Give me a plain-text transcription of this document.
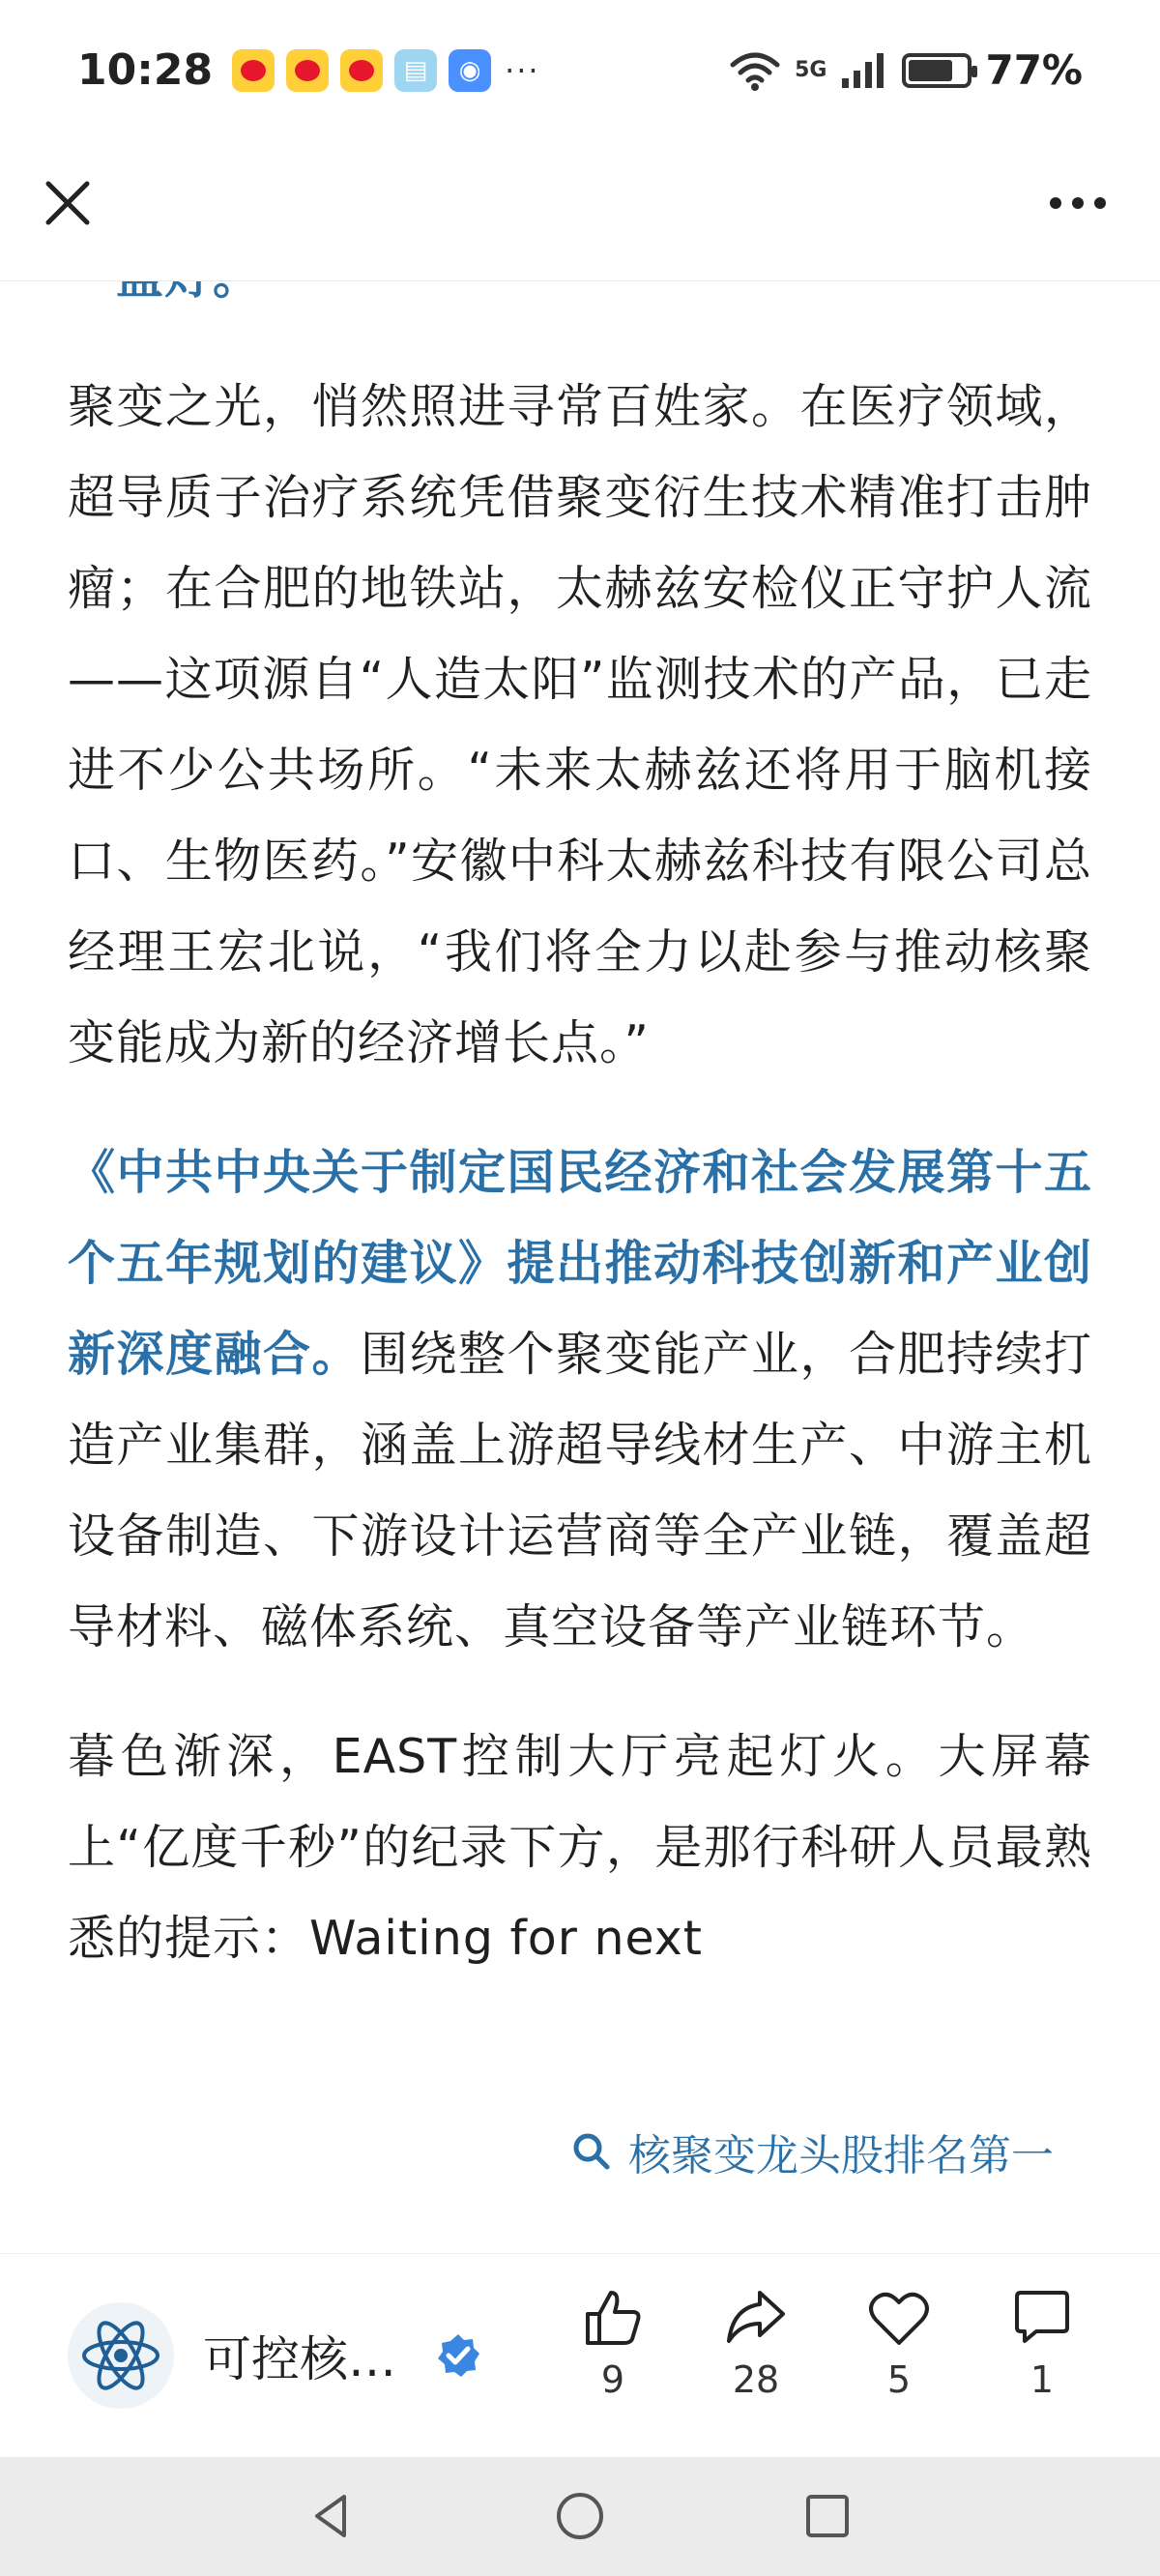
10:28	▤	◉ ···	5G	77%

聚变之光，悄然照进寻常百姓家。在医疗领域，超导质子治疗系统凭借聚变衍生技术精准打击肿瘤；在合肥的地铁站，太赫兹安检仪正守护人流——这项源自“人造太阳”监测技术的产品，已走进不少公共场所。“未来太赫兹还将用于脑机接口、生物医药。”安徽中科太赫兹科技有限公司总经理王宏北说，“我们将全力以赴参与推动核聚变能成为新的经济增长点。”

《中共中央关于制定国民经济和社会发展第十五个五年规划的建议》提出推动科技创新和产业创新深度融合。围绕整个聚变能产业，合肥持续打造产业集群，涵盖上游超导线材生产、中游主机设备制造、下游设计运营商等全产业链，覆盖超导材料、磁体系统、真空设备等产业链环节。

暮色渐深，EAST控制大厅亮起灯火。大屏幕上“亿度千秒”的纪录下方，是那行科研人员最熟悉的提示：Waiting for next

核聚变龙头股排名第一
可控核…	9	28	5	1
